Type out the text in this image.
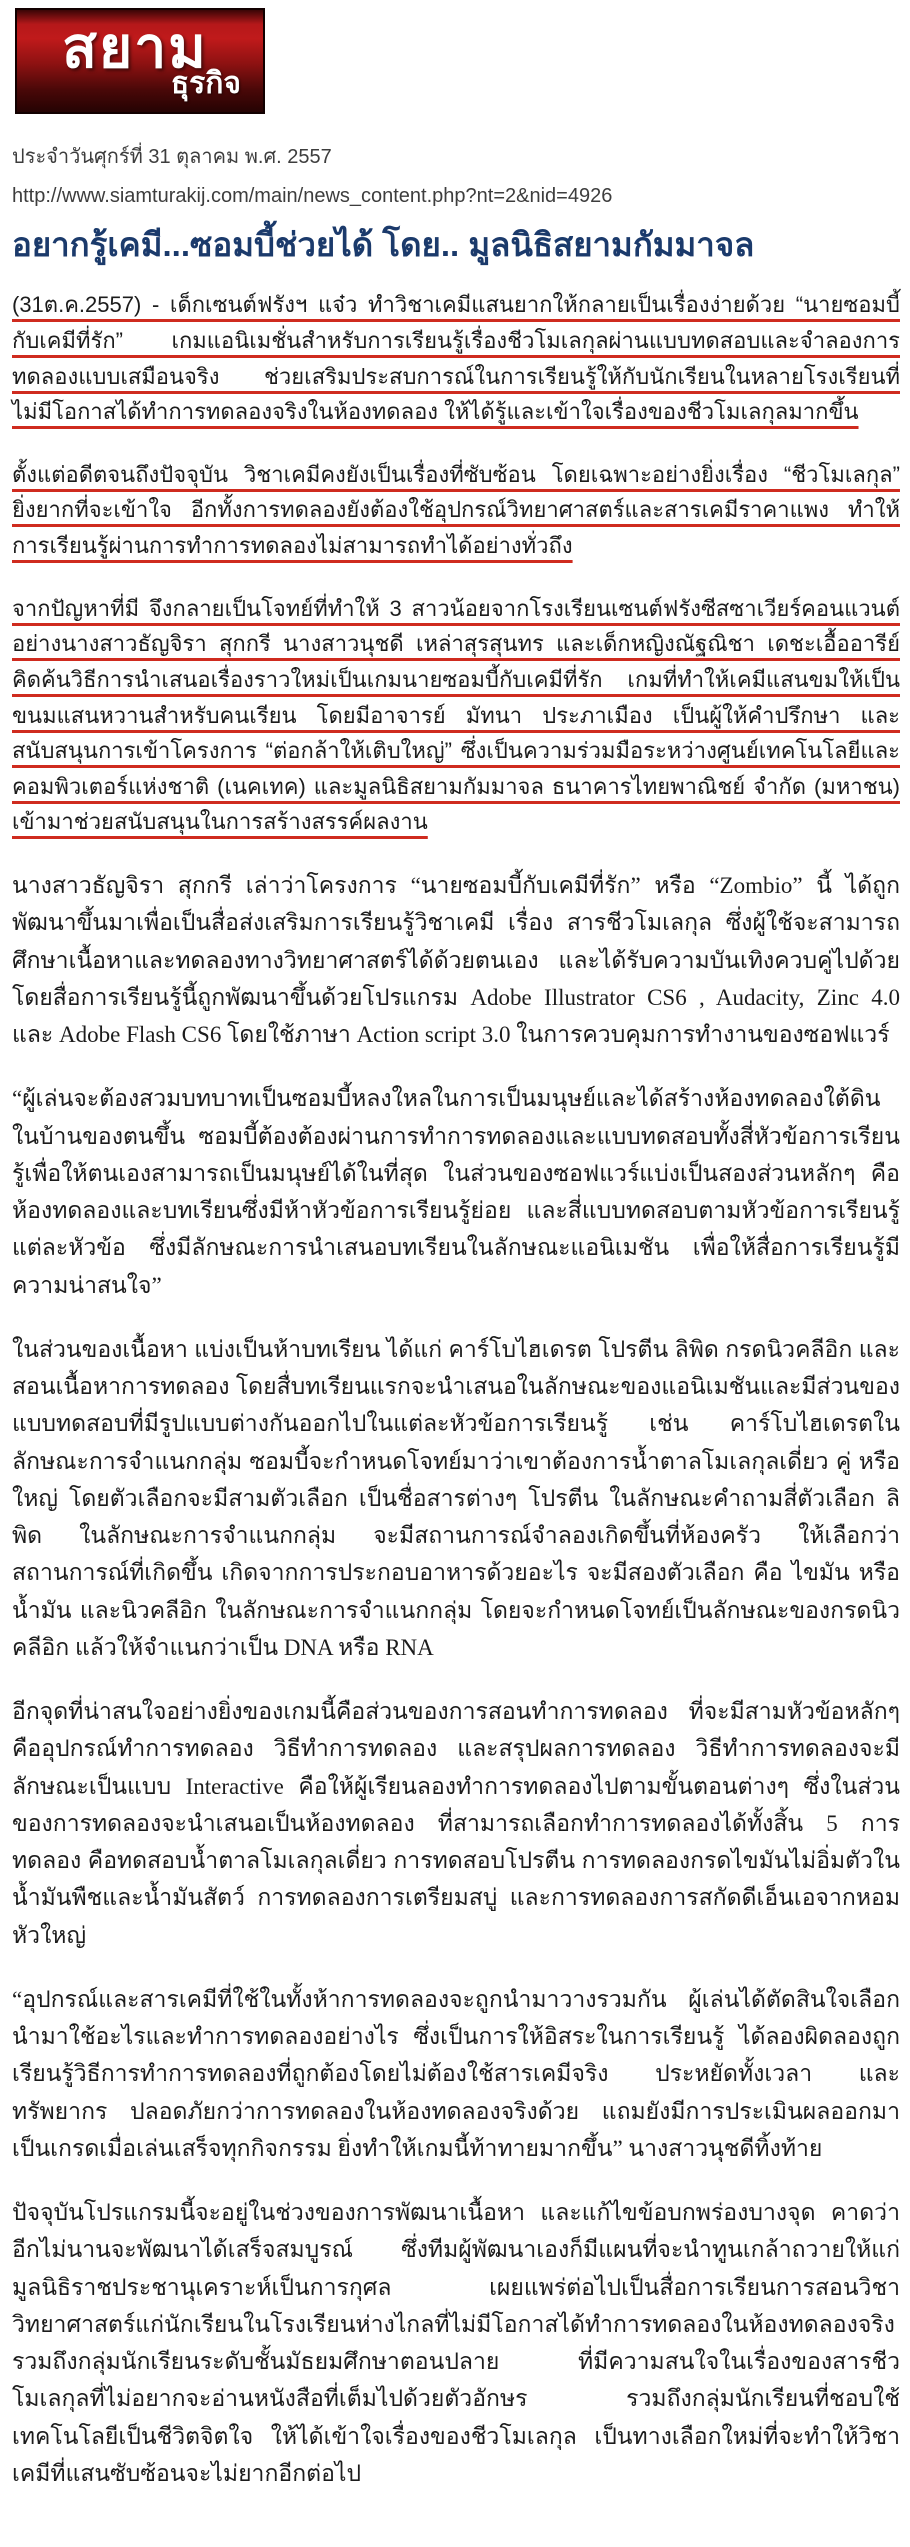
สยาม
ธุรกิจ
ประจำวันศุกร์ที่ 31 ตุลาคม พ.ศ. 2557
http://www.siamturakij.com/main/news_content.php?nt=2&nid=4926
อยากรู้เคมี...ซอมบี้ช่วยได้ โดย.. มูลนิธิสยามกัมมาจล

(31ต.ค.2557) - เด็กเซนต์ฟรังฯ แจ๋ว ทำวิชาเคมีแสนยากให้กลายเป็นเรื่องง่ายด้วย “นายซอมบี้กับเคมีที่รัก” เกมแอนิเมชั่นสำหรับการเรียนรู้เรื่องชีวโมเลกุลผ่านแบบทดสอบและจำลองการทดลองแบบเสมือนจริง ช่วยเสริมประสบการณ์ในการเรียนรู้ให้กับนักเรียนในหลายโรงเรียนที่ไม่มีโอกาสได้ทำการทดลองจริงในห้องทดลอง ให้ได้รู้และเข้าใจเรื่องของชีวโมเลกุลมากขึ้น

ตั้งแต่อดีตจนถึงปัจจุบัน วิชาเคมีคงยังเป็นเรื่องที่ซับซ้อน โดยเฉพาะอย่างยิ่งเรื่อง “ชีวโมเลกุล” ยิ่งยากที่จะเข้าใจ อีกทั้งการทดลองยังต้องใช้อุปกรณ์วิทยาศาสตร์และสารเคมีราคาแพง ทำให้การเรียนรู้ผ่านการทำการทดลองไม่สามารถทำได้อย่างทั่วถึง

จากปัญหาที่มี จึงกลายเป็นโจทย์ที่ทำให้ 3 สาวน้อยจากโรงเรียนเซนต์ฟรังซีสซาเวียร์คอนแวนต์ อย่างนางสาวธัญจิรา สุกกรี นางสาวนุชดี เหล่าสุรสุนทร และเด็กหญิงณัฐณิชา เดชะเอื้ออารีย์ คิดค้นวิธีการนำเสนอเรื่องราวใหม่เป็นเกมนายซอมบี้กับเคมีที่รัก เกมที่ทำให้เคมีแสนขมให้เป็นขนมแสนหวานสำหรับคนเรียน โดยมีอาจารย์ มัทนา ประภาเมือง เป็นผู้ให้คำปรึกษา และสนับสนุนการเข้าโครงการ “ต่อกล้าให้เติบใหญ่” ซึ่งเป็นความร่วมมือระหว่างศูนย์เทคโนโลยีและคอมพิวเตอร์แห่งชาติ (เนคเทค) และมูลนิธิสยามกัมมาจล ธนาคารไทยพาณิชย์ จำกัด (มหาชน) เข้ามาช่วยสนับสนุนในการสร้างสรรค์ผลงาน

นางสาวธัญจิรา สุกกรี เล่าว่าโครงการ “นายซอมบี้กับเคมีที่รัก” หรือ “Zombio” นี้ ได้ถูกพัฒนาขึ้นมาเพื่อเป็นสื่อส่งเสริมการเรียนรู้วิชาเคมี เรื่อง สารชีวโมเลกุล ซึ่งผู้ใช้จะสามารถศึกษาเนื้อหาและทดลองทางวิทยาศาสตร์ได้ด้วยตนเอง และได้รับความบันเทิงควบคู่ไปด้วย โดยสื่อการเรียนรู้นี้ถูกพัฒนาขึ้นด้วยโปรแกรม Adobe Illustrator CS6 , Audacity, Zinc 4.0 และ Adobe Flash CS6 โดยใช้ภาษา Action script 3.0 ในการควบคุมการทำงานของซอฟแวร์

“ผู้เล่นจะต้องสวมบทบาทเป็นซอมบี้หลงใหลในการเป็นมนุษย์และได้สร้างห้องทดลองใต้ดินในบ้านของตนขึ้น ซอมบี้ต้องต้องผ่านการทำการทดลองและแบบทดสอบทั้งสี่หัวข้อการเรียนรู้เพื่อให้ตนเองสามารถเป็นมนุษย์ได้ในที่สุด ในส่วนของซอฟแวร์แบ่งเป็นสองส่วนหลักๆ คือ ห้องทดลองและบทเรียนซึ่งมีห้าหัวข้อการเรียนรู้ย่อย และสี่แบบทดสอบตามหัวข้อการเรียนรู้แต่ละหัวข้อ ซึ่งมีลักษณะการนำเสนอบทเรียนในลักษณะแอนิเมชัน เพื่อให้สื่อการเรียนรู้มีความน่าสนใจ”

ในส่วนของเนื้อหา แบ่งเป็นห้าบทเรียน ได้แก่ คาร์โบไฮเดรต โปรตีน ลิพิด กรดนิวคลีอิก และสอนเนื้อหาการทดลอง โดยสื่บทเรียนแรกจะนำเสนอในลักษณะของแอนิเมชันและมีส่วนของแบบทดสอบที่มีรูปแบบต่างกันออกไปในแต่ละหัวข้อการเรียนรู้ เช่น คาร์โบไฮเดรตในลักษณะการจำแนกกลุ่ม ซอมบี้จะกำหนดโจทย์มาว่าเขาต้องการน้ำตาลโมเลกุลเดี่ยว คู่ หรือใหญ่ โดยตัวเลือกจะมีสามตัวเลือก เป็นชื่อสารต่างๆ โปรตีน ในลักษณะคำถามสี่ตัวเลือก ลิพิด ในลักษณะการจำแนกกลุ่ม จะมีสถานการณ์จำลองเกิดขึ้นที่ห้องครัว ให้เลือกว่าสถานการณ์ที่เกิดขึ้น เกิดจากการประกอบอาหารด้วยอะไร จะมีสองตัวเลือก คือ ไขมัน หรือ น้ำมัน และนิวคลีอิก ในลักษณะการจำแนกกลุ่ม โดยจะกำหนดโจทย์เป็นลักษณะของกรดนิวคลีอิก แล้วให้จำแนกว่าเป็น DNA หรือ RNA

อีกจุดที่น่าสนใจอย่างยิ่งของเกมนี้คือส่วนของการสอนทำการทดลอง ที่จะมีสามหัวข้อหลักๆคืออุปกรณ์ทำการทดลอง วิธีทำการทดลอง และสรุปผลการทดลอง วิธีทำการทดลองจะมีลักษณะเป็นแบบ Interactive คือให้ผู้เรียนลองทำการทดลองไปตามขั้นตอนต่างๆ ซึ่งในส่วนของการทดลองจะนำเสนอเป็นห้องทดลอง ที่สามารถเลือกทำการทดลองได้ทั้งสิ้น 5 การทดลอง คือทดสอบน้ำตาลโมเลกุลเดี่ยว การทดสอบโปรตีน การทดลองกรดไขมันไม่อิ่มตัวในน้ำมันพืชและน้ำมันสัตว์ การทดลองการเตรียมสบู่ และการทดลองการสกัดดีเอ็นเอจากหอมหัวใหญ่

“อุปกรณ์และสารเคมีที่ใช้ในทั้งห้าการทดลองจะถูกนำมาวางรวมกัน ผู้เล่นได้ตัดสินใจเลือกนำมาใช้อะไรและทำการทดลองอย่างไร ซึ่งเป็นการให้อิสระในการเรียนรู้ ได้ลองผิดลองถูก เรียนรู้วิธีการทำการทดลองที่ถูกต้องโดยไม่ต้องใช้สารเคมีจริง ประหยัดทั้งเวลา และทรัพยากร ปลอดภัยกว่าการทดลองในห้องทดลองจริงด้วย แถมยังมีการประเมินผลออกมาเป็นเกรดเมื่อเล่นเสร็จทุกกิจกรรม ยิ่งทำให้เกมนี้ท้าทายมากขึ้น” นางสาวนุชดีทิ้งท้าย

ปัจจุบันโปรแกรมนี้จะอยู่ในช่วงของการพัฒนาเนื้อหา และแก้ไขข้อบกพร่องบางจุด คาดว่าอีกไม่นานจะพัฒนาได้เสร็จสมบูรณ์ ซึ่งทีมผู้พัฒนาเองก็มีแผนที่จะนำทูนเกล้าถวายให้แก่มูลนิธิราชประชานุเคราะห์เป็นการกุศล เผยแพร่ต่อไปเป็นสื่อการเรียนการสอนวิชาวิทยาศาสตร์แก่นักเรียนในโรงเรียนห่างไกลที่ไม่มีโอกาสได้ทำการทดลองในห้องทดลองจริง รวมถึงกลุ่มนักเรียนระดับชั้นมัธยมศึกษาตอนปลาย ที่มีความสนใจในเรื่องของสารชีวโมเลกุลที่ไม่อยากจะอ่านหนังสือที่เต็มไปด้วยตัวอักษร รวมถึงกลุ่มนักเรียนที่ชอบใช้เทคโนโลยีเป็นชีวิตจิตใจ ให้ได้เข้าใจเรื่องของชีวโมเลกุล เป็นทางเลือกใหม่ที่จะทำให้วิชาเคมีที่แสนซับซ้อนจะไม่ยากอีกต่อไป
